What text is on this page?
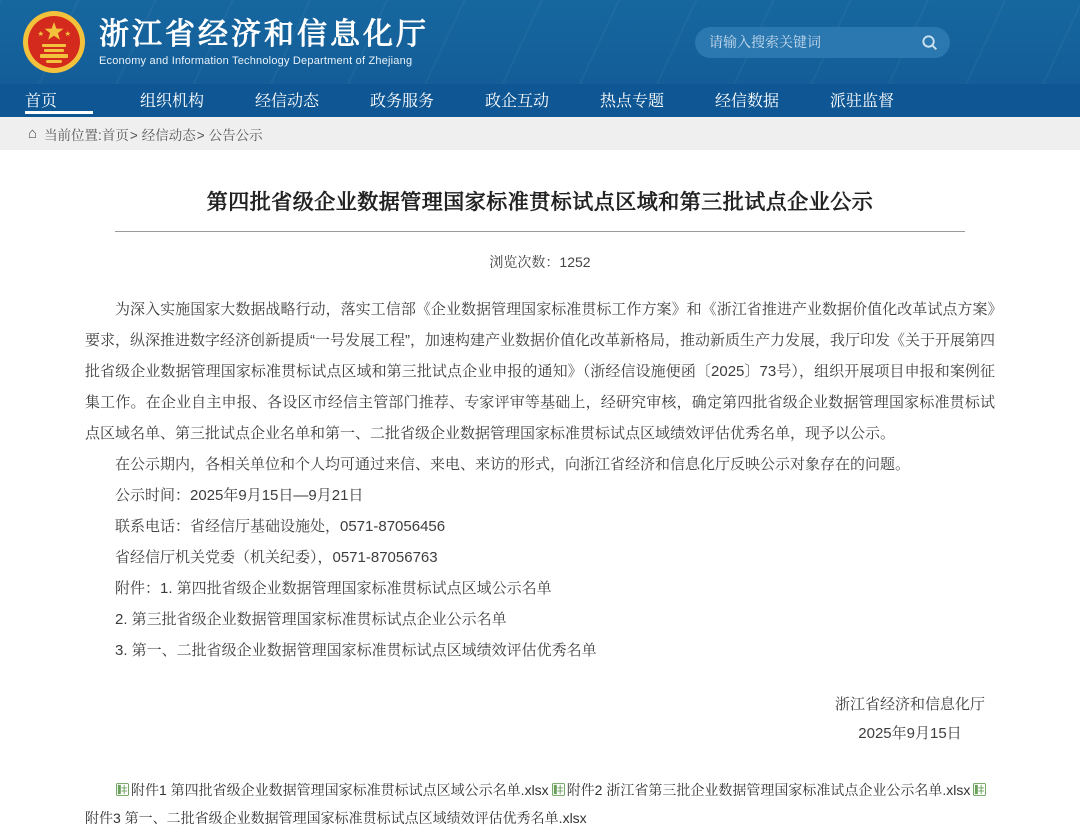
浙江省经济和信息化厅
Economy and Information Technology Department of Zhejiang
请输入搜索关键词
首页	组织机构	经信动态	政务服务	政企互动	热点专题	经信数据	派驻监督
⌂ 当前位置: 首页> 经信动态> 公告公示
第四批省级企业数据管理国家标准贯标试点区域和第三批试点企业公示
浏览次数：1252

为深入实施国家大数据战略行动，落实工信部《企业数据管理国家标准贯标工作方案》和《浙江省推进产业数据价值化改革试点方案》要求，纵深推进数字经济创新提质“一号发展工程”，加速构建产业数据价值化改革新格局，推动新质生产力发展，我厅印发《关于开展第四批省级企业数据管理国家标准贯标试点区域和第三批试点企业申报的通知》（浙经信设施便函〔2025〕73号），组织开展项目申报和案例征集工作。在企业自主申报、各设区市经信主管部门推荐、专家评审等基础上，经研究审核，确定第四批省级企业数据管理国家标准贯标试点区域名单、第三批试点企业名单和第一、二批省级企业数据管理国家标准贯标试点区域绩效评估优秀名单，现予以公示。

在公示期内，各相关单位和个人均可通过来信、来电、来访的形式，向浙江省经济和信息化厅反映公示对象存在的问题。

公示时间：2025年9月15日—9月21日

联系电话：省经信厅基础设施处，0571-87056456

省经信厅机关党委（机关纪委），0571-87056763

附件：1. 第四批省级企业数据管理国家标准贯标试点区域公示名单

2. 第三批省级企业数据管理国家标准贯标试点企业公示名单

3. 第一、二批省级企业数据管理国家标准贯标试点区域绩效评估优秀名单

浙江省经济和信息化厅
2025年9月15日
附件1 第四批省级企业数据管理国家标准贯标试点区域公示名单.xlsx 附件2 浙江省第三批企业数据管理国家标准试点企业公示名单.xlsx附件3 第一、二批省级企业数据管理国家标准贯标试点区域绩效评估优秀名单.xlsx
